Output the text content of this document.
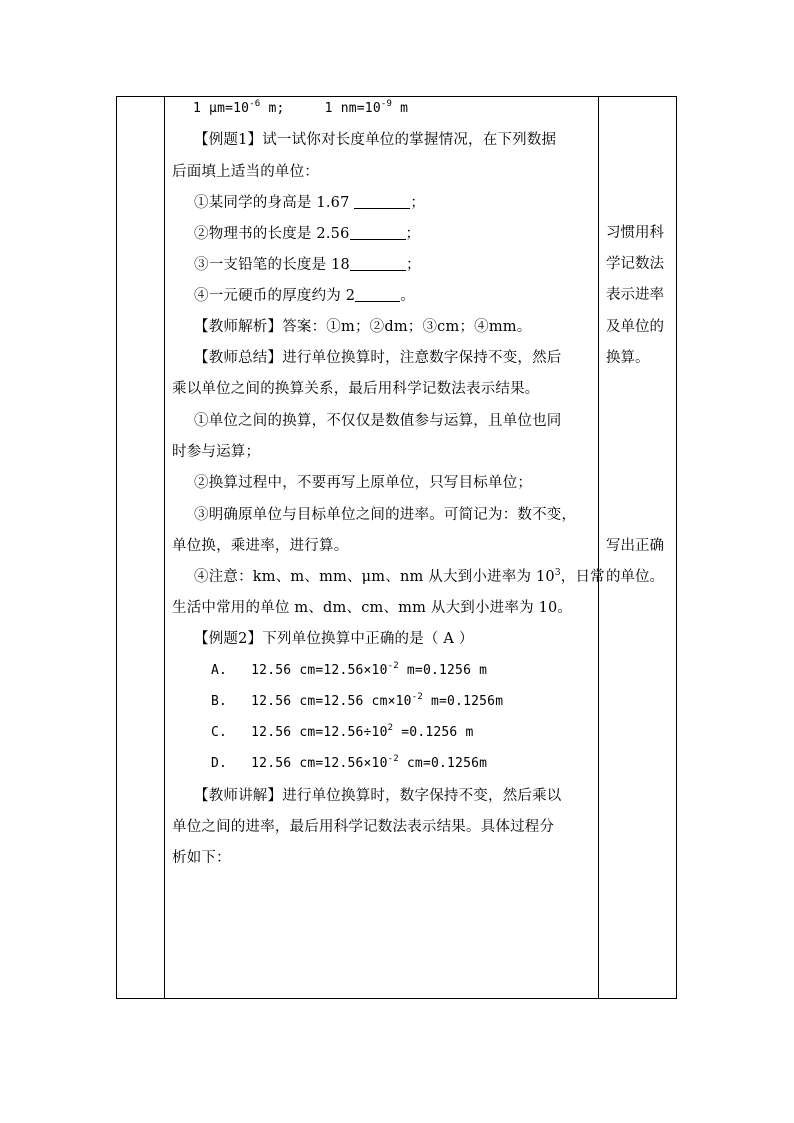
1 $\mu m=10^{-6}$ m;	1 $nm=10^{-9}$ m
【例题1】试一试你对长度单位的掌握情况，在下列数据
后面填上适当的单位：
①某同学的身高是 1.67	；
②物理书的长度是 2.56	；
③一支铅笔的长度是 18	；
④一元硬币的厚度约为 2	。
【教师解析】答案：①m；②dm；③cm；④mm。
【教师总结】进行单位换算时，注意数字保持不变，然后
乘以单位之间的换算关系，最后用科学记数法表示结果。
①单位之间的换算，不仅仅是数值参与运算，且单位也同
时参与运算；
②换算过程中，不要再写上原单位，只写目标单位；
③明确原单位与目标单位之间的进率。可简记为：数不变，
单位换，乘进率，进行算。
④注意：km、m、mm、μm、nm 从大到小进率为 $10^3$，日常
生活中常用的单位 m、dm、cm、mm 从大到小进率为 10。
【例题2】下列单位换算中正确的是（ A ）
A. 12.56 $cm=12.56\times 10^{-2}$ m=0.1256 m
B. 12.56 cm=12.56 $cm\times 10^{-2}$ m=0.1256m
C. 12.56 $cm=12.56\div 10^2 =0.1256$ m
D. 12.56 $cm=12.56\times 10^{-2}$ cm=0.1256m
【教师讲解】进行单位换算时，数字保持不变，然后乘以
单位之间的进率，最后用科学记数法表示结果。具体过程分
析如下：
习惯用科
学记数法
表示进率
及单位的
换算。
写出正确
的单位。
